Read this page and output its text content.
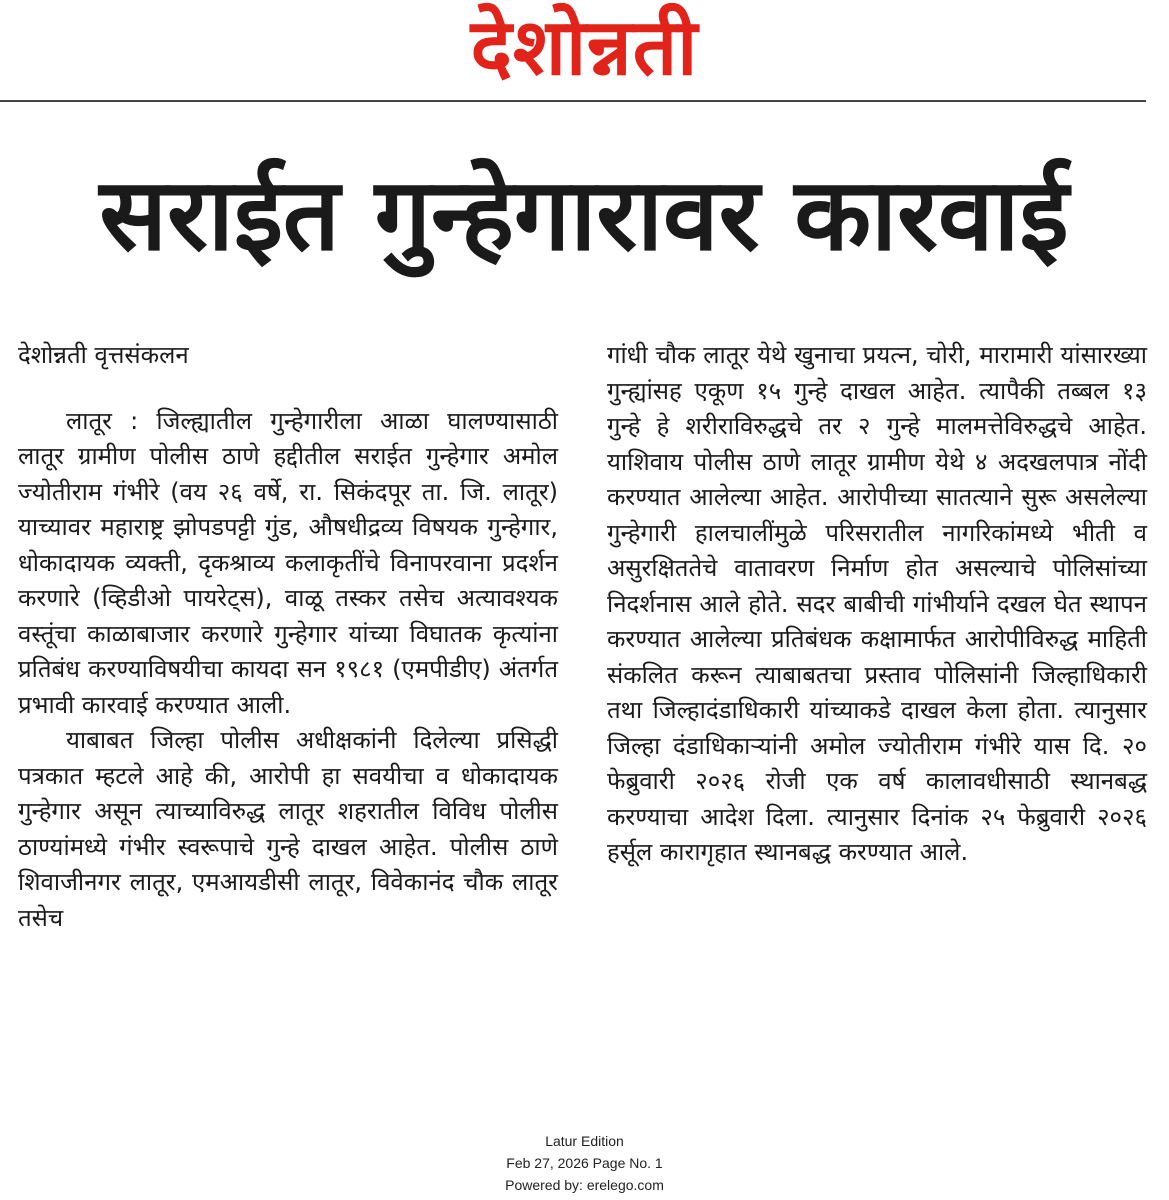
देशोन्नती
सराईत गुन्हेगारावर कारवाई

देशोन्नती वृत्तसंकलन

लातूर : जिल्ह्यातील गुन्हेगारीला आळा घालण्यासाठी लातूर ग्रामीण पोलीस ठाणे हद्दीतील सराईत गुन्हेगार अमोल ज्योतीराम गंभीरे (वय २६ वर्षे, रा. सिकंदपूर ता. जि. लातूर) याच्यावर महाराष्ट्र झोपडपट्टी गुंड, औषधीद्रव्य विषयक गुन्हेगार, धोकादायक व्यक्ती, दृकश्राव्य कलाकृतींचे विनापरवाना प्रदर्शन करणारे (व्हिडीओ पायरेट्स), वाळू तस्कर तसेच अत्यावश्यक वस्तूंचा काळाबाजार करणारे गुन्हेगार यांच्या विघातक कृत्यांना प्रतिबंध करण्याविषयीचा कायदा सन १९८१ (एमपीडीए) अंतर्गत प्रभावी कारवाई करण्यात आली.

याबाबत जिल्हा पोलीस अधीक्षकांनी दिलेल्या प्रसिद्धी पत्रकात म्हटले आहे की, आरोपी हा सवयीचा व धोकादायक गुन्हेगार असून त्याच्याविरुद्ध लातूर शहरातील विविध पोलीस ठाण्यांमध्ये गंभीर स्वरूपाचे गुन्हे दाखल आहेत. पोलीस ठाणे शिवाजीनगर लातूर, एमआयडीसी लातूर, विवेकानंद चौक लातूर तसेच

गांधी चौक लातूर येथे खुनाचा प्रयत्न, चोरी, मारामारी यांसारख्या गुन्ह्यांसह एकूण १५ गुन्हे दाखल आहेत. त्यापैकी तब्बल १३ गुन्हे हे शरीराविरुद्धचे तर २ गुन्हे मालमत्तेविरुद्धचे आहेत. याशिवाय पोलीस ठाणे लातूर ग्रामीण येथे ४ अदखलपात्र नोंदी करण्यात आलेल्या आहेत. आरोपीच्या सातत्याने सुरू असलेल्या गुन्हेगारी हालचालींमुळे परिसरातील नागरिकांमध्ये भीती व असुरक्षिततेचे वातावरण निर्माण होत असल्याचे पोलिसांच्या निदर्शनास आले होते. सदर बाबीची गांभीर्याने दखल घेत स्थापन करण्यात आलेल्या प्रतिबंधक कक्षामार्फत आरोपीविरुद्ध माहिती संकलित करून त्याबाबतचा प्रस्ताव पोलिसांनी जिल्हाधिकारी तथा जिल्हादंडाधिकारी यांच्याकडे दाखल केला होता. त्यानुसार जिल्हा दंडाधिकाऱ्यांनी अमोल ज्योतीराम गंभीरे यास दि. २० फेब्रुवारी २०२६ रोजी एक वर्ष कालावधीसाठी स्थानबद्ध करण्याचा आदेश दिला. त्यानुसार दिनांक २५ फेब्रुवारी २०२६ हर्सूल कारागृहात स्थानबद्ध करण्यात आले.

Latur Edition
Feb 27, 2026 Page No. 1
Powered by: erelego.com
